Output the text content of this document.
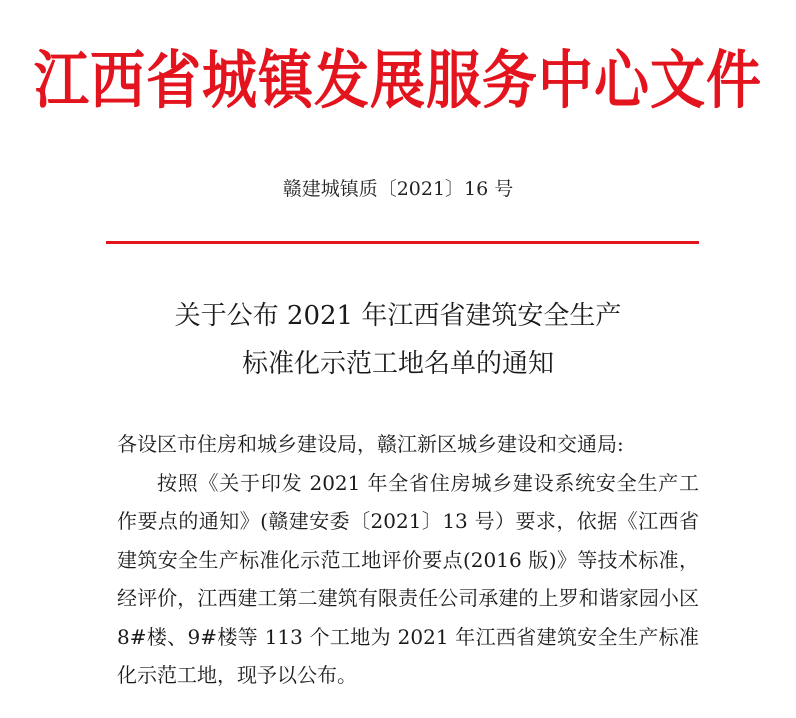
江西省城镇发展服务中心文件
赣建城镇质〔2021〕16 号
关于公布 2021 年江西省建筑安全生产
标准化示范工地名单的通知

各设区市住房和城乡建设局，赣江新区城乡建设和交通局:

按照《关于印发 2021 年全省住房城乡建设系统安全生产工作要点的通知》(赣建安委〔2021〕13 号）要求，依据《江西省建筑安全生产标准化示范工地评价要点(2016 版)》等技术标准，经评价，江西建工第二建筑有限责任公司承建的上罗和谐家园小区 8#楼、9#楼等 113 个工地为 2021 年江西省建筑安全生产标准化示范工地，现予以公布。
